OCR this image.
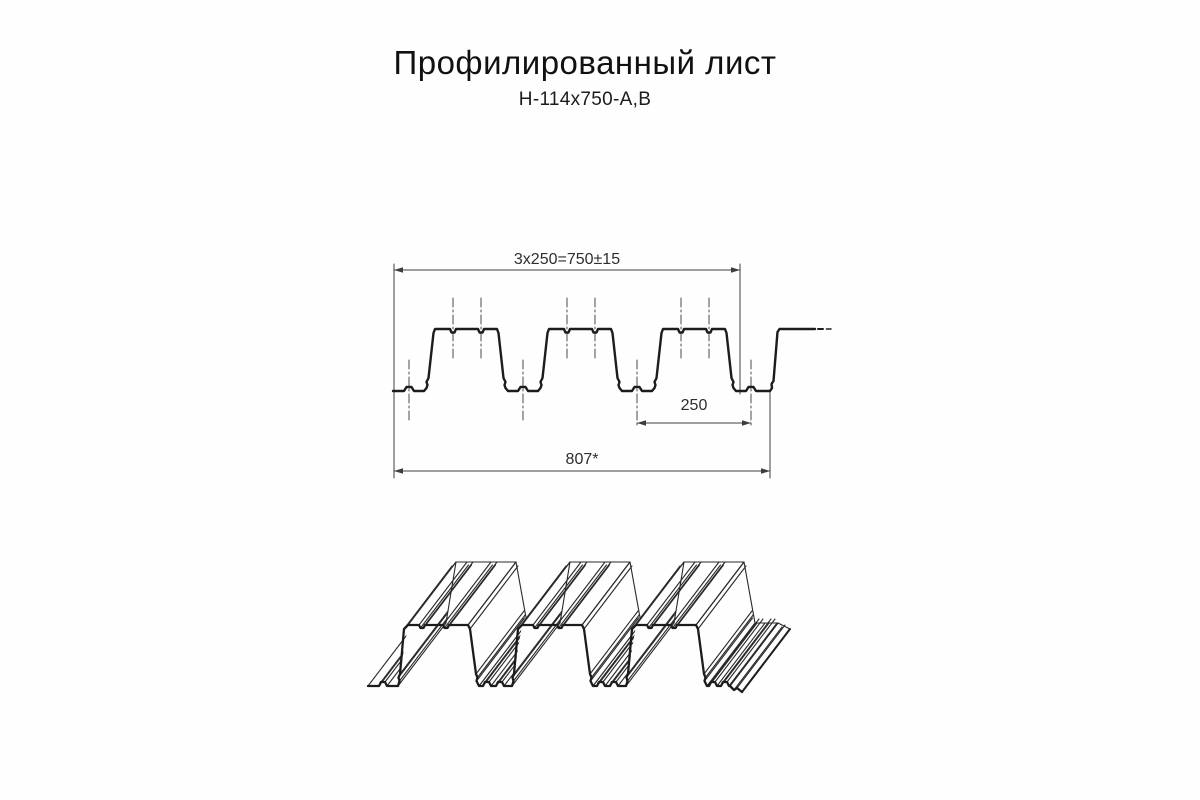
Профилированный лист
Н-114х750-А,В
3x250=750±15
250
807*
